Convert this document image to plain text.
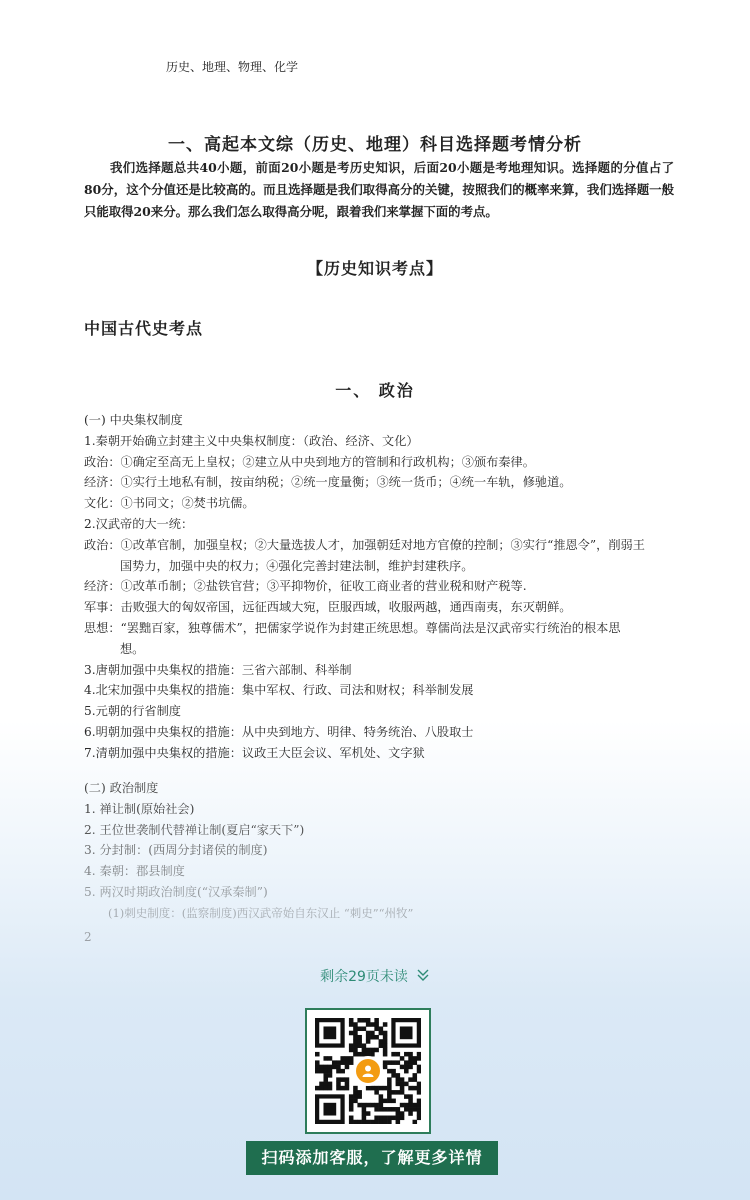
历史、地理、物理、化学
一、高起本文综（历史、地理）科目选择题考情分析
我们选择题总共40小题，前面20小题是考历史知识，后面20小题是考地理知识。选择题的分值占了80分，这个分值还是比较高的。而且选择题是我们取得高分的关键，按照我们的概率来算，我们选择题一般只能取得20来分。那么我们怎么取得高分呢，跟着我们来掌握下面的考点。
【历史知识考点】
中国古代史考点
一、 政治
(一) 中央集权制度
1.秦朝开始确立封建主义中央集权制度：（政治、经济、文化）
政治：①确定至高无上皇权；②建立从中央到地方的管制和行政机构；③颁布秦律。
经济：①实行土地私有制，按亩纳税；②统一度量衡；③统一货币；④统一车轨，修驰道。
文化：①书同文；②焚书坑儒。
2.汉武帝的大一统：
政治：①改革官制，加强皇权；②大量选拔人才，加强朝廷对地方官僚的控制；③实行“推恩令”，削弱王
国势力，加强中央的权力；④强化完善封建法制，维护封建秩序。
经济：①改革币制；②盐铁官营；③平抑物价，征收工商业者的营业税和财产税等.
军事：击败强大的匈奴帝国，远征西域大宛，臣服西域，收服两越，通西南夷，东灭朝鲜。
思想：“罢黜百家，独尊儒术”，把儒家学说作为封建正统思想。尊儒尚法是汉武帝实行统治的根本思
想。
3.唐朝加强中央集权的措施：三省六部制、科举制
4.北宋加强中央集权的措施：集中军权、行政、司法和财权；科举制发展
5.元朝的行省制度
6.明朝加强中央集权的措施：从中央到地方、明律、特务统治、八股取士
7.清朝加强中央集权的措施：议政王大臣会议、军机处、文字狱
(二) 政治制度
1. 禅让制(原始社会)
2. 王位世袭制代替禅让制(夏启“家天下”)
3. 分封制：(西周分封诸侯的制度)
4. 秦朝：郡县制度
5. 两汉时期政治制度(“汉承秦制”)
(1)刺史制度：(监察制度)西汉武帝始自东汉止 “刺史”“州牧”
2
剩余29页未读
扫码添加客服，了解更多详情
